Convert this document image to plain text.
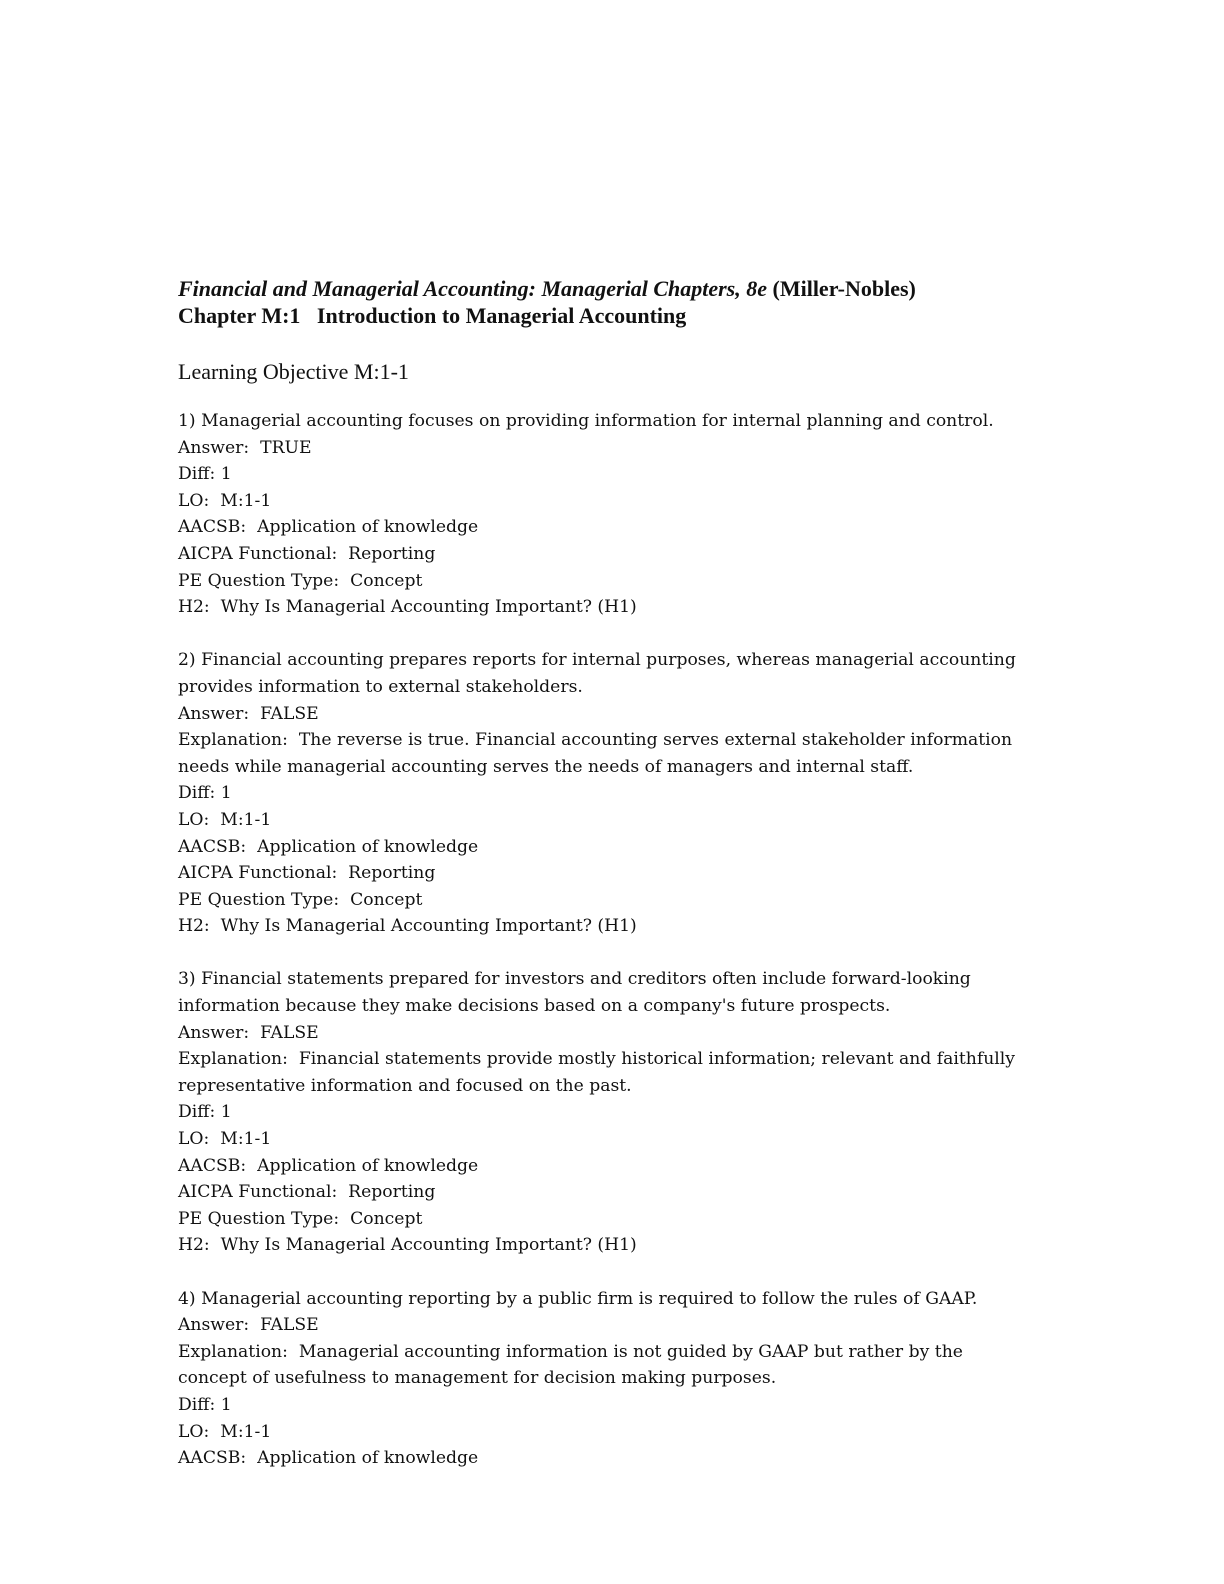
Financial and Managerial Accounting: Managerial Chapters, 8e (Miller-Nobles)

Chapter M:1 Introduction to Managerial Accounting

Learning Objective M:1-1

1) Managerial accounting focuses on providing information for internal planning and control.

Answer:  TRUE

Diff: 1

LO:  M:1-1

AACSB:  Application of knowledge

AICPA Functional:  Reporting

PE Question Type:  Concept

H2:  Why Is Managerial Accounting Important? (H1)

2) Financial accounting prepares reports for internal purposes, whereas managerial accounting

provides information to external stakeholders.

Answer:  FALSE

Explanation:  The reverse is true. Financial accounting serves external stakeholder information

needs while managerial accounting serves the needs of managers and internal staff.

Diff: 1

LO:  M:1-1

AACSB:  Application of knowledge

AICPA Functional:  Reporting

PE Question Type:  Concept

H2:  Why Is Managerial Accounting Important? (H1)

3) Financial statements prepared for investors and creditors often include forward-looking

information because they make decisions based on a company's future prospects.

Answer:  FALSE

Explanation:  Financial statements provide mostly historical information; relevant and faithfully

representative information and focused on the past.

Diff: 1

LO:  M:1-1

AACSB:  Application of knowledge

AICPA Functional:  Reporting

PE Question Type:  Concept

H2:  Why Is Managerial Accounting Important? (H1)

4) Managerial accounting reporting by a public firm is required to follow the rules of GAAP.

Answer:  FALSE

Explanation:  Managerial accounting information is not guided by GAAP but rather by the

concept of usefulness to management for decision making purposes.

Diff: 1

LO:  M:1-1

AACSB:  Application of knowledge
